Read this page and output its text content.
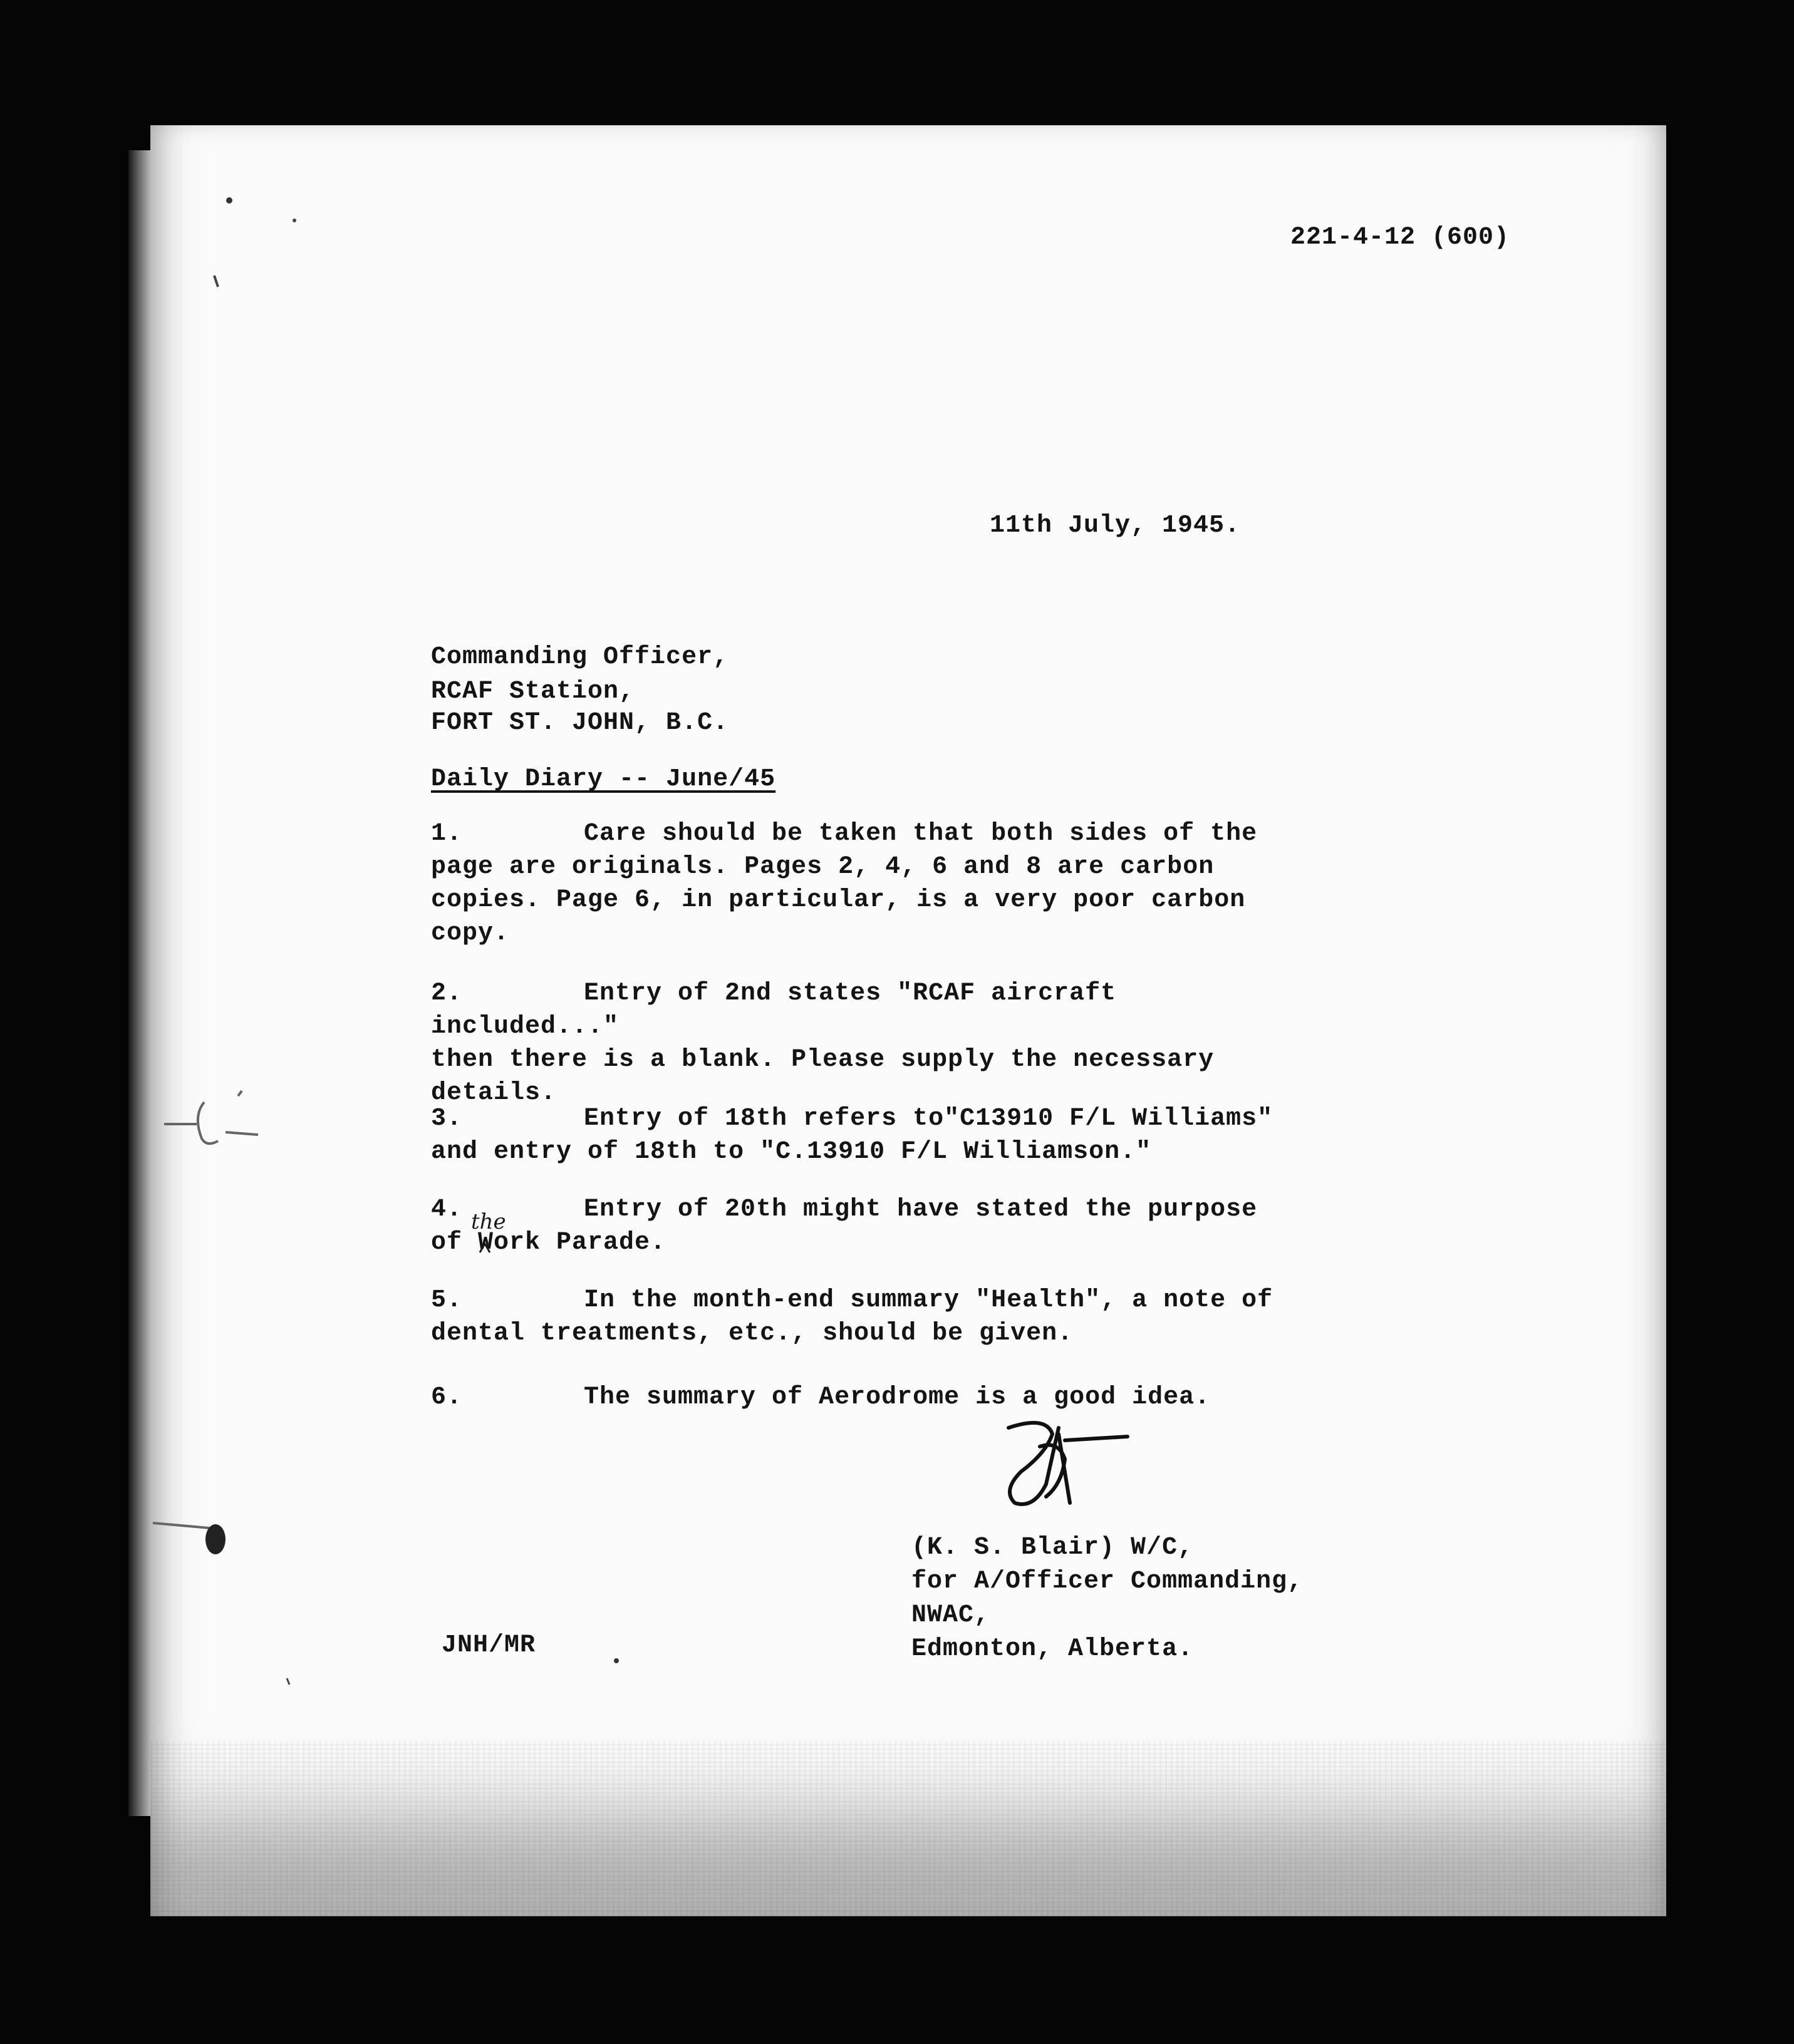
221-4-12 (600)
11th July, 1945.
Commanding Officer,
RCAF Station,
FORT ST. JOHN, B.C.
Daily Diary -- June/45
1.	Care should be taken that both sides of the
page are originals. Pages 2, 4, 6 and 8 are carbon
copies. Page 6, in particular, is a very poor carbon
copy.
2.	Entry of 2nd states "RCAF aircraft included..."
then there is a blank. Please supply the necessary
details.
3.	Entry of 18th refers to"C13910 F/L Williams"
and entry of 18th to "C.13910 F/L Williamson."
4.	Entry of 20th might have stated the purpose
of Work Parade.
the
5.	In the month-end summary "Health", a note of
dental treatments, etc., should be given.
6.	The summary of Aerodrome is a good idea.
(K. S. Blair) W/C,
for A/Officer Commanding,
NWAC,
Edmonton, Alberta.
JNH/MR
